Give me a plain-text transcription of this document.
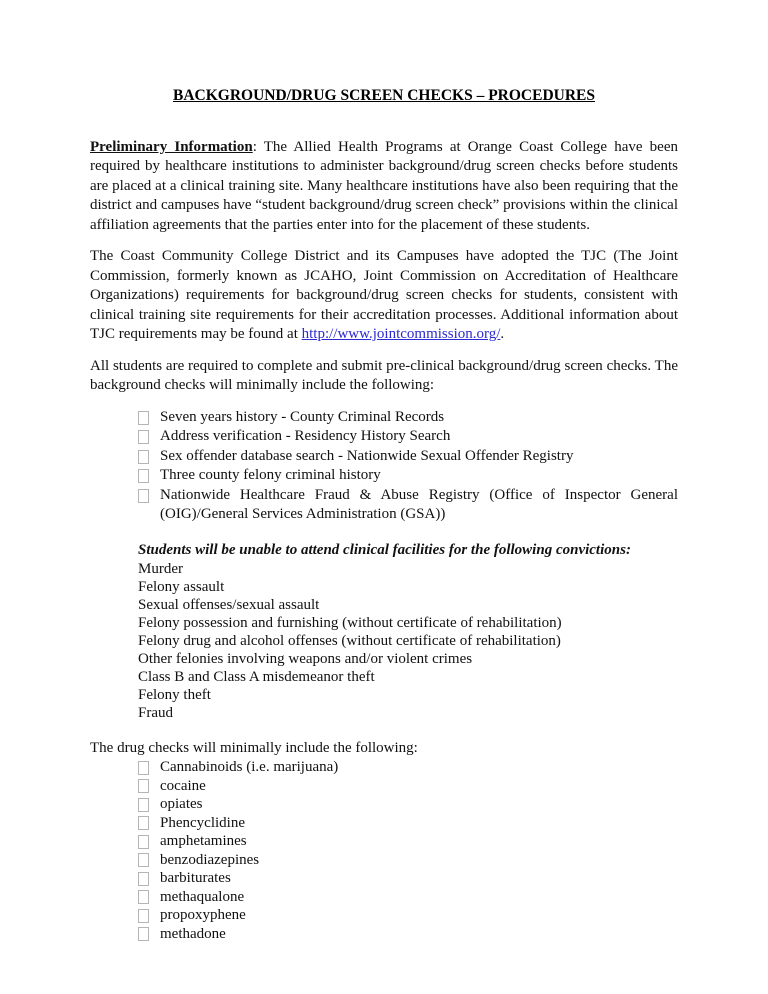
BACKGROUND/DRUG SCREEN CHECKS – PROCEDURES

Preliminary Information: The Allied Health Programs at Orange Coast College have been required by healthcare institutions to administer background/drug screen checks before students are placed at a clinical training site. Many healthcare institutions have also been requiring that the district and campuses have “student background/drug screen check” provisions within the clinical affiliation agreements that the parties enter into for the placement of these students.

The Coast Community College District and its Campuses have adopted the TJC (The Joint Commission, formerly known as JCAHO, Joint Commission on Accreditation of Healthcare Organizations) requirements for background/drug screen checks for students, consistent with clinical training site requirements for their accreditation processes. Additional information about TJC requirements may be found at http://www.jointcommission.org/.

All students are required to complete and submit pre-clinical background/drug screen checks. The background checks will minimally include the following:

Seven years history - County Criminal Records
Address verification - Residency History Search
Sex offender database search - Nationwide Sexual Offender Registry
Three county felony criminal history
Nationwide Healthcare Fraud & Abuse Registry (Office of Inspector General (OIG)/General Services Administration (GSA))

Students will be unable to attend clinical facilities for the following convictions:

Murder

Felony assault

Sexual offenses/sexual assault

Felony possession and furnishing (without certificate of rehabilitation)

Felony drug and alcohol offenses (without certificate of rehabilitation)

Other felonies involving weapons and/or violent crimes

Class B and Class A misdemeanor theft

Felony theft

Fraud

The drug checks will minimally include the following:

Cannabinoids (i.e. marijuana)
cocaine
opiates
Phencyclidine
amphetamines
benzodiazepines
barbiturates
methaqualone
propoxyphene
methadone
